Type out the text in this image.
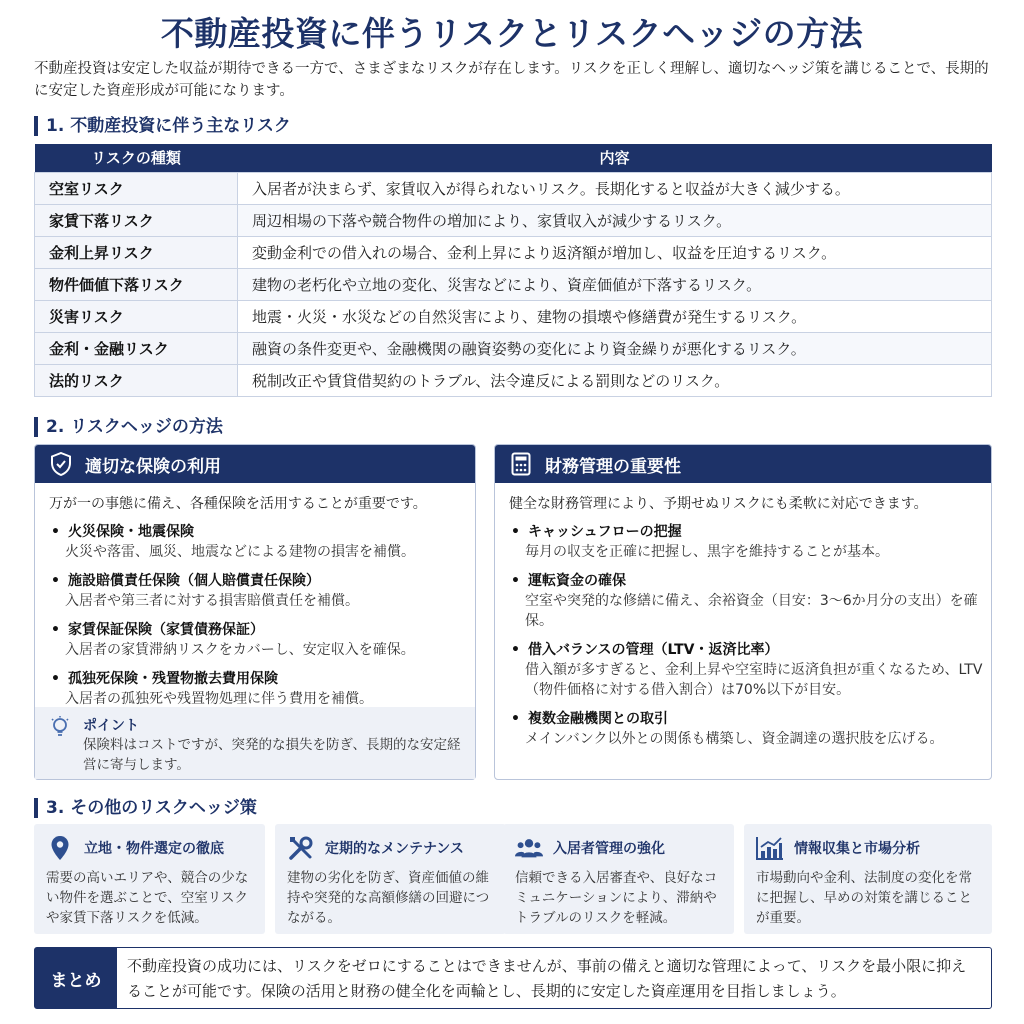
不動産投資に伴うリスクとリスクヘッジの方法
不動産投資は安定した収益が期待できる一方で、さまざまなリスクが存在します。リスクを正しく理解し、適切なヘッジ策を講じることで、長期的に安定した資産形成が可能になります。
1. 不動産投資に伴う主なリスク
リスクの種類	内容
空室リスク	入居者が決まらず、家賃収入が得られないリスク。長期化すると収益が大きく減少する。
家賃下落リスク	周辺相場の下落や競合物件の増加により、家賃収入が減少するリスク。
金利上昇リスク	変動金利での借入れの場合、金利上昇により返済額が増加し、収益を圧迫するリスク。
物件価値下落リスク	建物の老朽化や立地の変化、災害などにより、資産価値が下落するリスク。
災害リスク	地震・火災・水災などの自然災害により、建物の損壊や修繕費が発生するリスク。
金利・金融リスク	融資の条件変更や、金融機関の融資姿勢の変化により資金繰りが悪化するリスク。
法的リスク	税制改正や賃貸借契約のトラブル、法令違反による罰則などのリスク。
2. リスクヘッジの方法
適切な保険の利用
万が一の事態に備え、各種保険を活用することが重要です。
• 火災保険・地震保険
火災や落雷、風災、地震などによる建物の損害を補償。
• 施設賠償責任保険（個人賠償責任保険）
入居者や第三者に対する損害賠償責任を補償。
• 家賃保証保険（家賃債務保証）
入居者の家賃滞納リスクをカバーし、安定収入を確保。
• 孤独死保険・残置物撤去費用保険
入居者の孤独死や残置物処理に伴う費用を補償。
ポイント
保険料はコストですが、突発的な損失を防ぎ、長期的な安定経営に寄与します。
財務管理の重要性
健全な財務管理により、予期せぬリスクにも柔軟に対応できます。
• キャッシュフローの把握
毎月の収支を正確に把握し、黒字を維持することが基本。
• 運転資金の確保
空室や突発的な修繕に備え、余裕資金（目安：3〜6か月分の支出）を確保。
• 借入バランスの管理（LTV・返済比率）
借入額が多すぎると、金利上昇や空室時に返済負担が重くなるため、LTV（物件価格に対する借入割合）は70%以下が目安。
• 複数金融機関との取引
メインバンク以外との関係も構築し、資金調達の選択肢を広げる。
3. その他のリスクヘッジ策
立地・物件選定の徹底
需要の高いエリアや、競合の少ない物件を選ぶことで、空室リスクや家賃下落リスクを低減。
定期的なメンテナンス
建物の劣化を防ぎ、資産価値の維持や突発的な高額修繕の回避につながる。
入居者管理の強化
信頼できる入居審査や、良好なコミュニケーションにより、滞納やトラブルのリスクを軽減。
情報収集と市場分析
市場動向や金利、法制度の変化を常に把握し、早めの対策を講じることが重要。
まとめ
不動産投資の成功には、リスクをゼロにすることはできませんが、事前の備えと適切な管理によって、リスクを最小限に抑えることが可能です。保険の活用と財務の健全化を両輪とし、長期的に安定した資産運用を目指しましょう。
